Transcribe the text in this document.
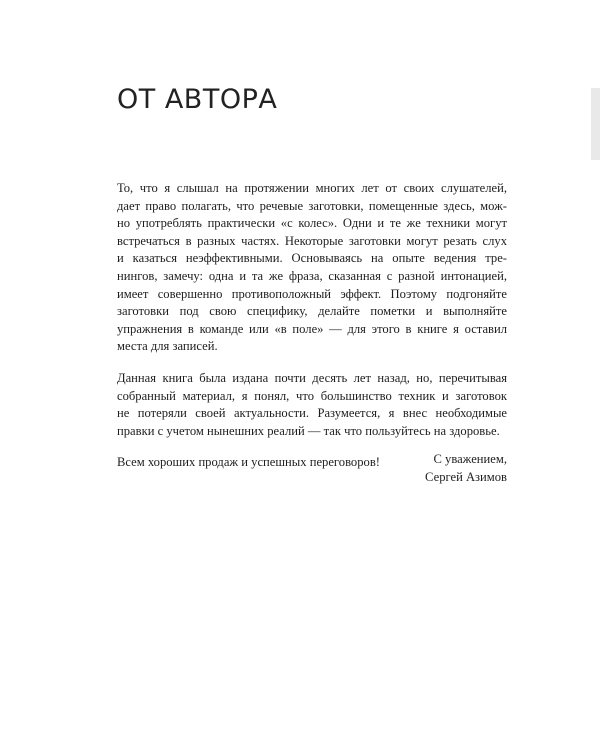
ОТ АВТОРА

То, что я слышал на протяжении многих лет от своих слушателей,
дает право полагать, что речевые заготовки, помещенные здесь, мож-
но употреблять практически «с колес». Одни и те же техники могут
встречаться в разных частях. Некоторые заготовки могут резать слух
и казаться неэффективными. Основываясь на опыте ведения тре-
нингов, замечу: одна и та же фраза, сказанная с разной интонацией,
имеет совершенно противоположный эффект. Поэтому подгоняйте
заготовки под свою специфику, делайте пометки и выполняйте
упражнения в команде или «в поле» — для этого в книге я оставил
места для записей.

Данная книга была издана почти десять лет назад, но, перечитывая
собранный материал, я понял, что большинство техник и заготовок
не потеряли своей актуальности. Разумеется, я внес необходимые
правки с учетом нынешних реалий — так что пользуйтесь на здоровье.

Всем хороших продаж и успешных переговоров!	С уважением,
Сергей Азимов
